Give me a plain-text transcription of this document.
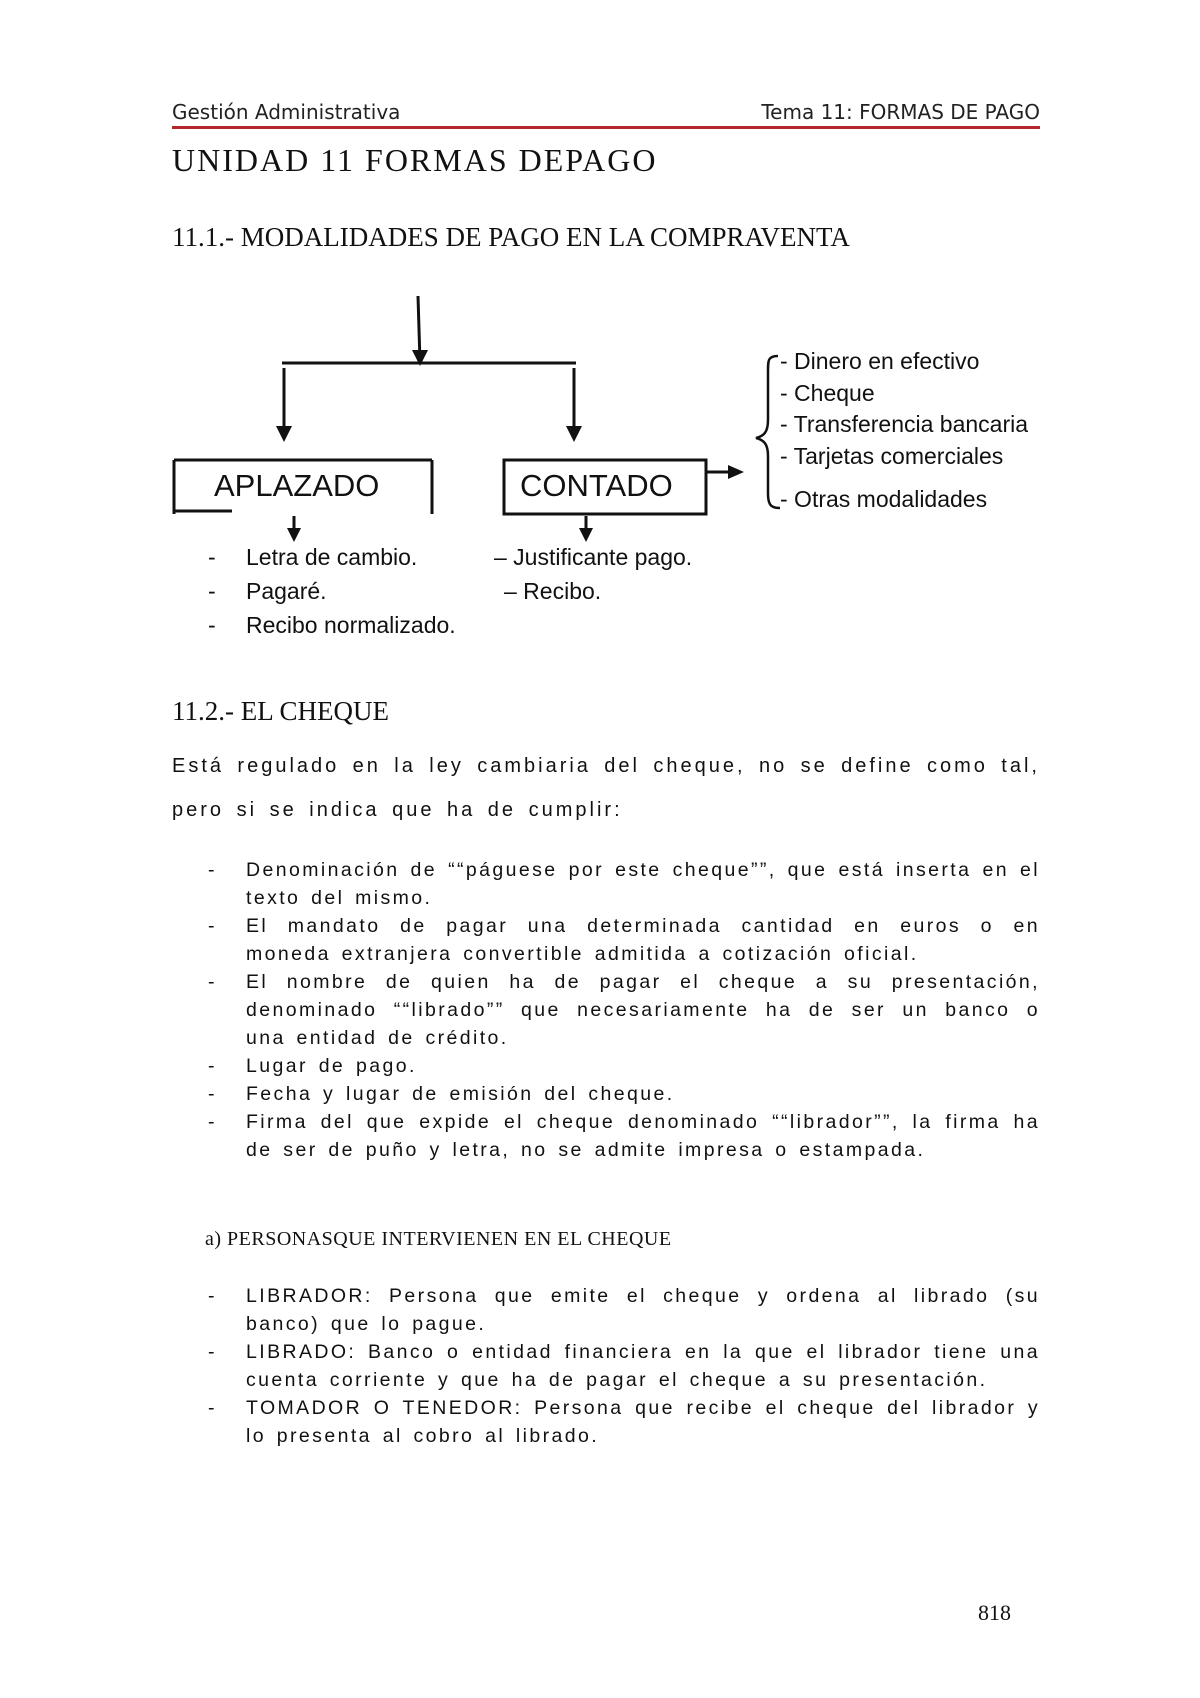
Gestión Administrativa	Tema 11: FORMAS DE PAGO
UNIDAD 11 FORMAS DEPAGO
11.1.- MODALIDADES DE PAGO EN LA COMPRAVENTA
APLAZADO	CONTADO
- Letra de cambio.
- Pagaré.
- Recibo normalizado.
– Justificante pago.
– Recibo.
- Dinero en efectivo
- Cheque
- Transferencia bancaria
- Tarjetas comerciales
- Otras modalidades
11.2.- EL CHEQUE
Está regulado en la ley cambiaria del cheque, no se define como tal, pero si se indica que ha de cumplir:
- Denominación de ““páguese por este cheque””, que está inserta en el texto del mismo.
- El mandato de pagar una determinada cantidad en euros o en moneda extranjera convertible admitida a cotización oficial.
- El nombre de quien ha de pagar el cheque a su presentación, denominado ““librado”” que necesariamente ha de ser un banco o una entidad de crédito.
- Lugar de pago.
- Fecha y lugar de emisión del cheque.
- Firma del que expide el cheque denominado ““librador””, la firma ha de ser de puño y letra, no se admite impresa o estampada.
a) PERSONASQUE INTERVIENEN EN EL CHEQUE
- LIBRADOR: Persona que emite el cheque y ordena al librado (su banco) que lo pague.
- LIBRADO: Banco o entidad financiera en la que el librador tiene una cuenta corriente y que ha de pagar el cheque a su presentación.
- TOMADOR O TENEDOR: Persona que recibe el cheque del librador y lo presenta al cobro al librado.
818
